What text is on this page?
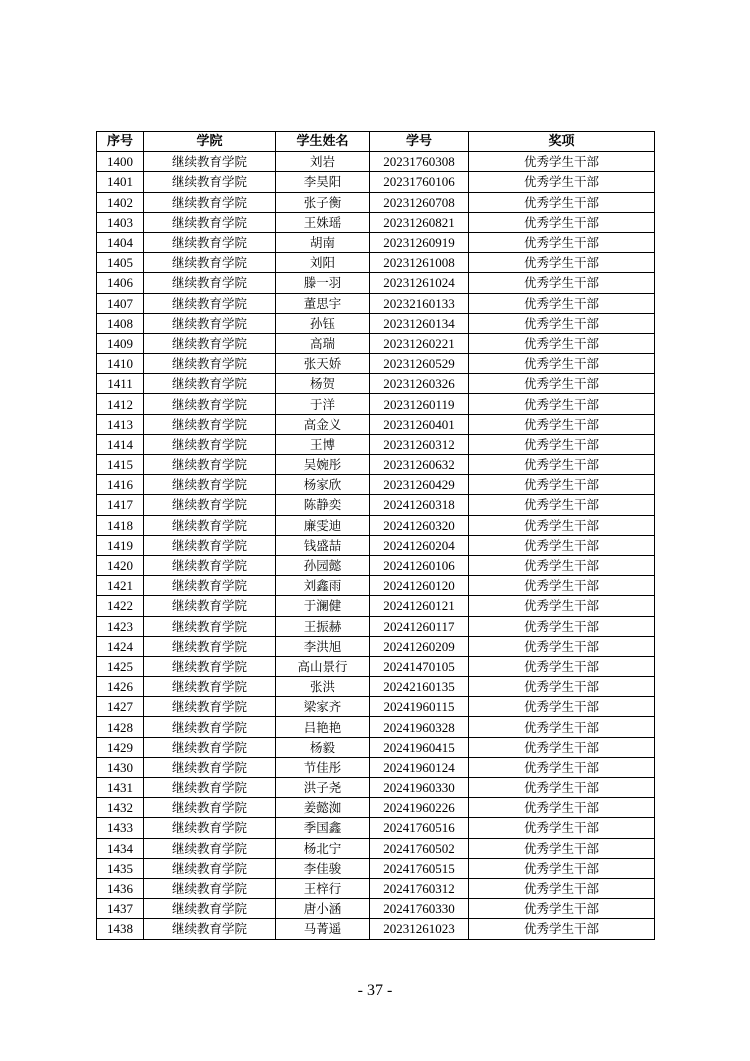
序号	学院	学生姓名	学号	奖项
1400	继续教育学院	刘岩	20231760308	优秀学生干部
1401	继续教育学院	李昊阳	20231760106	优秀学生干部
1402	继续教育学院	张子衡	20231260708	优秀学生干部
1403	继续教育学院	王姝瑶	20231260821	优秀学生干部
1404	继续教育学院	胡南	20231260919	优秀学生干部
1405	继续教育学院	刘阳	20231261008	优秀学生干部
1406	继续教育学院	滕一羽	20231261024	优秀学生干部
1407	继续教育学院	董思宇	20232160133	优秀学生干部
1408	继续教育学院	孙钰	20231260134	优秀学生干部
1409	继续教育学院	高瑞	20231260221	优秀学生干部
1410	继续教育学院	张天娇	20231260529	优秀学生干部
1411	继续教育学院	杨贺	20231260326	优秀学生干部
1412	继续教育学院	于洋	20231260119	优秀学生干部
1413	继续教育学院	高金义	20231260401	优秀学生干部
1414	继续教育学院	王博	20231260312	优秀学生干部
1415	继续教育学院	吴婉彤	20231260632	优秀学生干部
1416	继续教育学院	杨家欣	20231260429	优秀学生干部
1417	继续教育学院	陈静奕	20241260318	优秀学生干部
1418	继续教育学院	廉雯迪	20241260320	优秀学生干部
1419	继续教育学院	钱盛喆	20241260204	优秀学生干部
1420	继续教育学院	孙园懿	20241260106	优秀学生干部
1421	继续教育学院	刘鑫雨	20241260120	优秀学生干部
1422	继续教育学院	于澜健	20241260121	优秀学生干部
1423	继续教育学院	王振赫	20241260117	优秀学生干部
1424	继续教育学院	李洪旭	20241260209	优秀学生干部
1425	继续教育学院	高山景行	20241470105	优秀学生干部
1426	继续教育学院	张洪	20242160135	优秀学生干部
1427	继续教育学院	梁家齐	20241960115	优秀学生干部
1428	继续教育学院	吕艳艳	20241960328	优秀学生干部
1429	继续教育学院	杨毅	20241960415	优秀学生干部
1430	继续教育学院	节佳彤	20241960124	优秀学生干部
1431	继续教育学院	洪子尧	20241960330	优秀学生干部
1432	继续教育学院	姜懿洳	20241960226	优秀学生干部
1433	继续教育学院	季国鑫	20241760516	优秀学生干部
1434	继续教育学院	杨北宁	20241760502	优秀学生干部
1435	继续教育学院	李佳骏	20241760515	优秀学生干部
1436	继续教育学院	王梓行	20241760312	优秀学生干部
1437	继续教育学院	唐小涵	20241760330	优秀学生干部
1438	继续教育学院	马菁遥	20231261023	优秀学生干部
- 37 -
